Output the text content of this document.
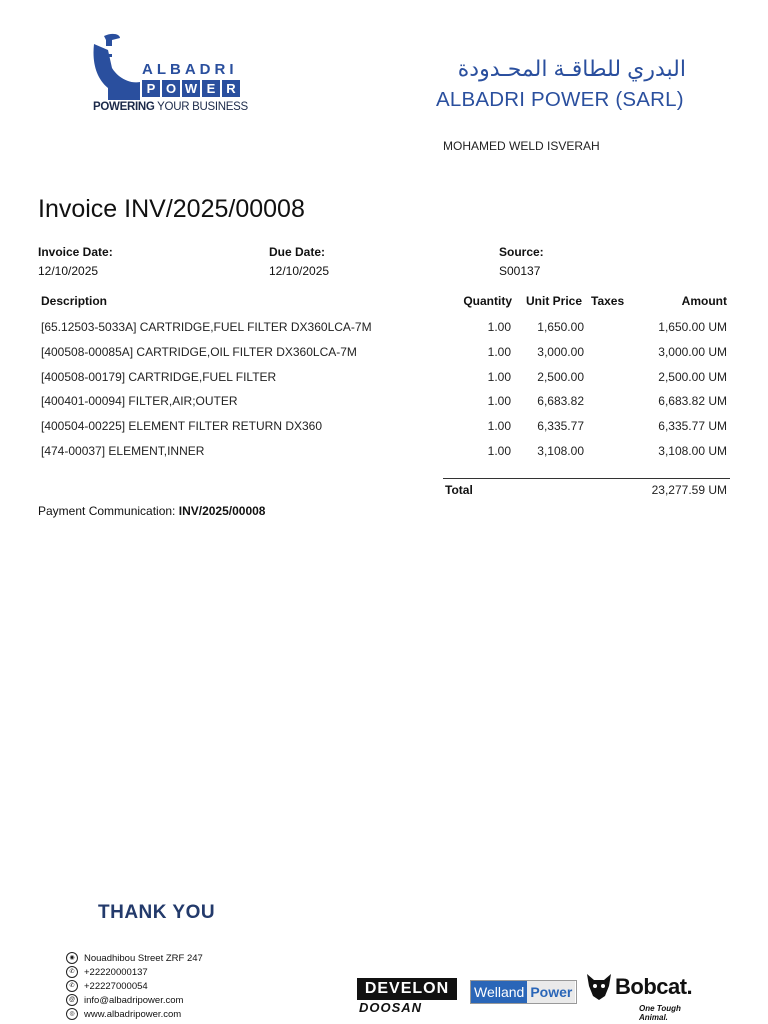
ALBADRI
P O W E R
POWERING YOUR BUSINESS
البدري للطاقـة المحـدودة
ALBADRI POWER (SARL)
MOHAMED WELD ISVERAH
Invoice INV/2025/00008
Invoice Date:
12/10/2025
Due Date:
12/10/2025
Source:
S00137
Description	Quantity Unit Price Taxes	Amount
[65.12503-5033A] CARTRIDGE,FUEL FILTER DX360LCA-7M	1.00 1,650.00	1,650.00 UM
[400508-00085A] CARTRIDGE,OIL FILTER DX360LCA-7M	1.00 3,000.00	3,000.00 UM
[400508-00179] CARTRIDGE,FUEL FILTER	1.00 2,500.00	2,500.00 UM
[400401-00094] FILTER,AIR;OUTER	1.00 6,683.82	6,683.82 UM
[400504-00225] ELEMENT FILTER RETURN DX360	1.00 6,335.77	6,335.77 UM
[474-00037] ELEMENT,INNER	1.00 3,108.00	3,108.00 UM
Total	23,277.59 UM
Payment Communication: INV/2025/00008
THANK YOU
◉ Nouadhibou Street ZRF 247
✆ +22220000137
✆ +22227000054
@ info@albadripower.com
◎ www.albadripower.com
DEVELON
DOOSAN
Welland Power Bobcat.
One Tough Animal.
